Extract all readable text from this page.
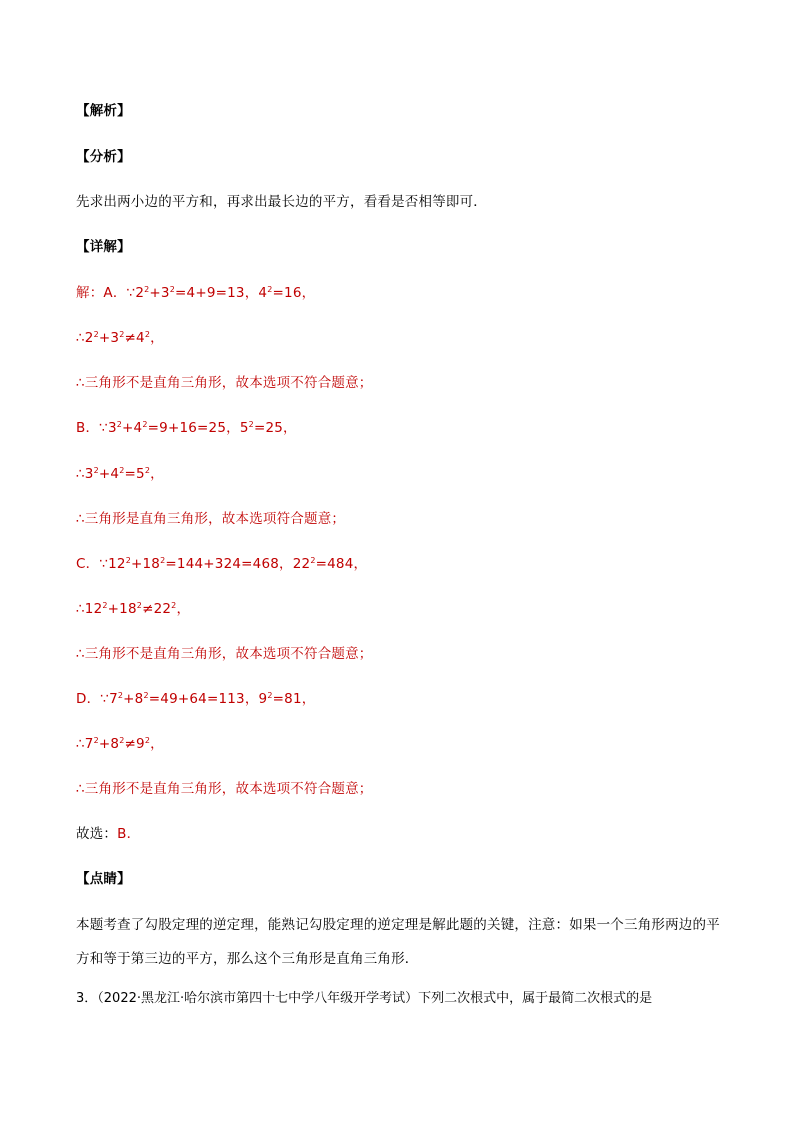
【解析】
【分析】
先求出两小边的平方和，再求出最长边的平方，看看是否相等即可．
【详解】
解：A．$\because 2^2+3^2=4+9=13$，$4^2=16$，
$\therefore 2^2+3^2\ne 4^2$，
∴三角形不是直角三角形，故本选项不符合题意；
B．$\because 3^2+4^2=9+16=25$，$5^2=25$，
$\therefore 3^2+4^2=5^2$，
∴三角形是直角三角形，故本选项符合题意；
C．$\because 12^2+18^2=144+324=468$，$22^2=484$，
$\therefore 12^2+18^2\ne 22^2$，
∴三角形不是直角三角形，故本选项不符合题意；
D．$\because 7^2+8^2=49+64=113$，$9^2=81$，
$\therefore 7^2+8^2\ne 9^2$，
∴三角形不是直角三角形，故本选项不符合题意；
故选：B．
【点睛】
本题考查了勾股定理的逆定理，能熟记勾股定理的逆定理是解此题的关键，注意：如果一个三角形两边的平方和等于第三边的平方，那么这个三角形是直角三角形．
3．（2022·黑龙江·哈尔滨市第四十七中学八年级开学考试）下列二次根式中，属于最简二次根式的是
